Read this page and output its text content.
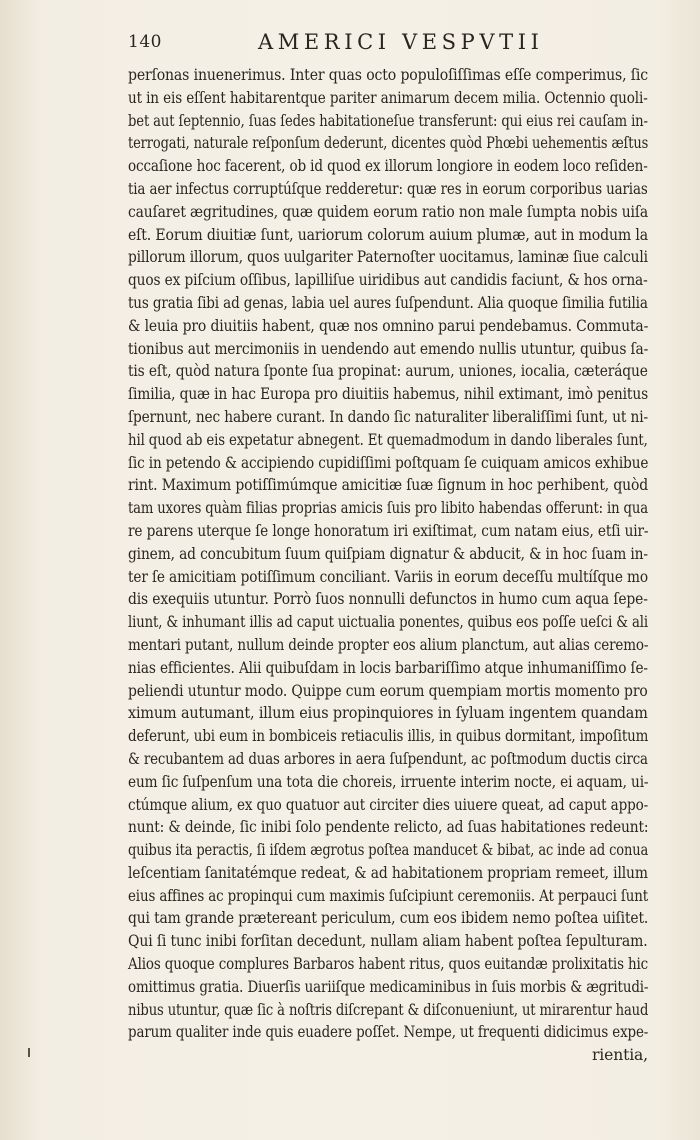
140	AMERICI VESPVTII
perſonas inuenerimus. Inter quas octo populoſiſſimas eſſe comperimus, ſic
ut in eis eſſent habitarentque pariter animarum decem milia. Octennio quoli-
bet aut ſeptennio, ſuas ſedes habitationeſue transferunt: qui eius rei cauſam in-
terrogati, naturale reſponſum dederunt, dicentes quòd Phœbi uehementis æſtus
occaſione hoc facerent, ob id quod ex illorum longiore in eodem loco reſiden-
tia aer infectus corruptúſque redderetur: quæ res in eorum corporibus uarias
cauſaret ægritudines, quæ quidem eorum ratio non male ſumpta nobis uiſa
eſt. Eorum diuitiæ ſunt, uariorum colorum auium plumæ, aut in modum la
pillorum illorum, quos uulgariter Paternoſter uocitamus, laminæ ſiue calculi
quos ex piſcium oſſibus, lapilliſue uiridibus aut candidis faciunt, & hos orna-
tus gratia ſibi ad genas, labia uel aures ſuſpendunt. Alia quoque ſimilia futilia
& leuia pro diuitiis habent, quæ nos omnino parui pendebamus. Commuta-
tionibus aut mercimoniis in uendendo aut emendo nullis utuntur, quibus ſa-
tis eſt, quòd natura ſponte ſua propinat: aurum, uniones, iocalia, cæteráque
ſimilia, quæ in hac Europa pro diuitiis habemus, nihil extimant, imò penitus
ſpernunt, nec habere curant. In dando ſic naturaliter liberaliſſimi ſunt, ut ni-
hil quod ab eis expetatur abnegent. Et quemadmodum in dando liberales ſunt,
ſic in petendo & accipiendo cupidiſſimi poſtquam ſe cuiquam amicos exhibue
rint. Maximum potiſſimúmque amicitiæ ſuæ ſignum in hoc perhibent, quòd
tam uxores quàm filias proprias amicis ſuis pro libito habendas offerunt: in qua
re parens uterque ſe longe honoratum iri exiſtimat, cum natam eius, etſi uir-
ginem, ad concubitum ſuum quiſpiam dignatur & abducit, & in hoc ſuam in-
ter ſe amicitiam potiſſimum conciliant. Variis in eorum deceſſu multíſque mo
dis exequiis utuntur. Porrò ſuos nonnulli defunctos in humo cum aqua ſepe-
liunt, & inhumant illis ad caput uictualia ponentes, quibus eos poſſe ueſci & ali
mentari putant, nullum deinde propter eos alium planctum, aut alias ceremo-
nias efficientes. Alii quibuſdam in locis barbariſſimo atque inhumaniſſimo ſe-
peliendi utuntur modo. Quippe cum eorum quempiam mortis momento pro
ximum autumant, illum eius propinquiores in ſyluam ingentem quandam
deferunt, ubi eum in bombiceis retiaculis illis, in quibus dormitant, impoſitum
& recubantem ad duas arbores in aera ſuſpendunt, ac poſtmodum ductis circa
eum ſic ſuſpenſum una tota die choreis, irruente interim nocte, ei aquam, ui-
ctúmque alium, ex quo quatuor aut circiter dies uiuere queat, ad caput appo-
nunt: & deinde, ſic inibi ſolo pendente relicto, ad ſuas habitationes redeunt:
quibus ita peractis, ſi iſdem ægrotus poſtea manducet & bibat, ac inde ad conua
leſcentiam ſanitatémque redeat, & ad habitationem propriam remeet, illum
eius affines ac propinqui cum maximis ſuſcipiunt ceremoniis. At perpauci ſunt
qui tam grande prætereant periculum, cum eos ibidem nemo poſtea uiſitet.
Qui ſi tunc inibi forſitan decedunt, nullam aliam habent poſtea ſepulturam.
Alios quoque complures Barbaros habent ritus, quos euitandæ prolixitatis hic
omittimus gratia. Diuerſis uariiſque medicaminibus in ſuis morbis & ægritudi-
nibus utuntur, quæ ſic à noſtris diſcrepant & diſconueniunt, ut mirarentur haud
parum qualiter inde quis euadere poſſet. Nempe, ut frequenti didicimus expe-
rientia,
